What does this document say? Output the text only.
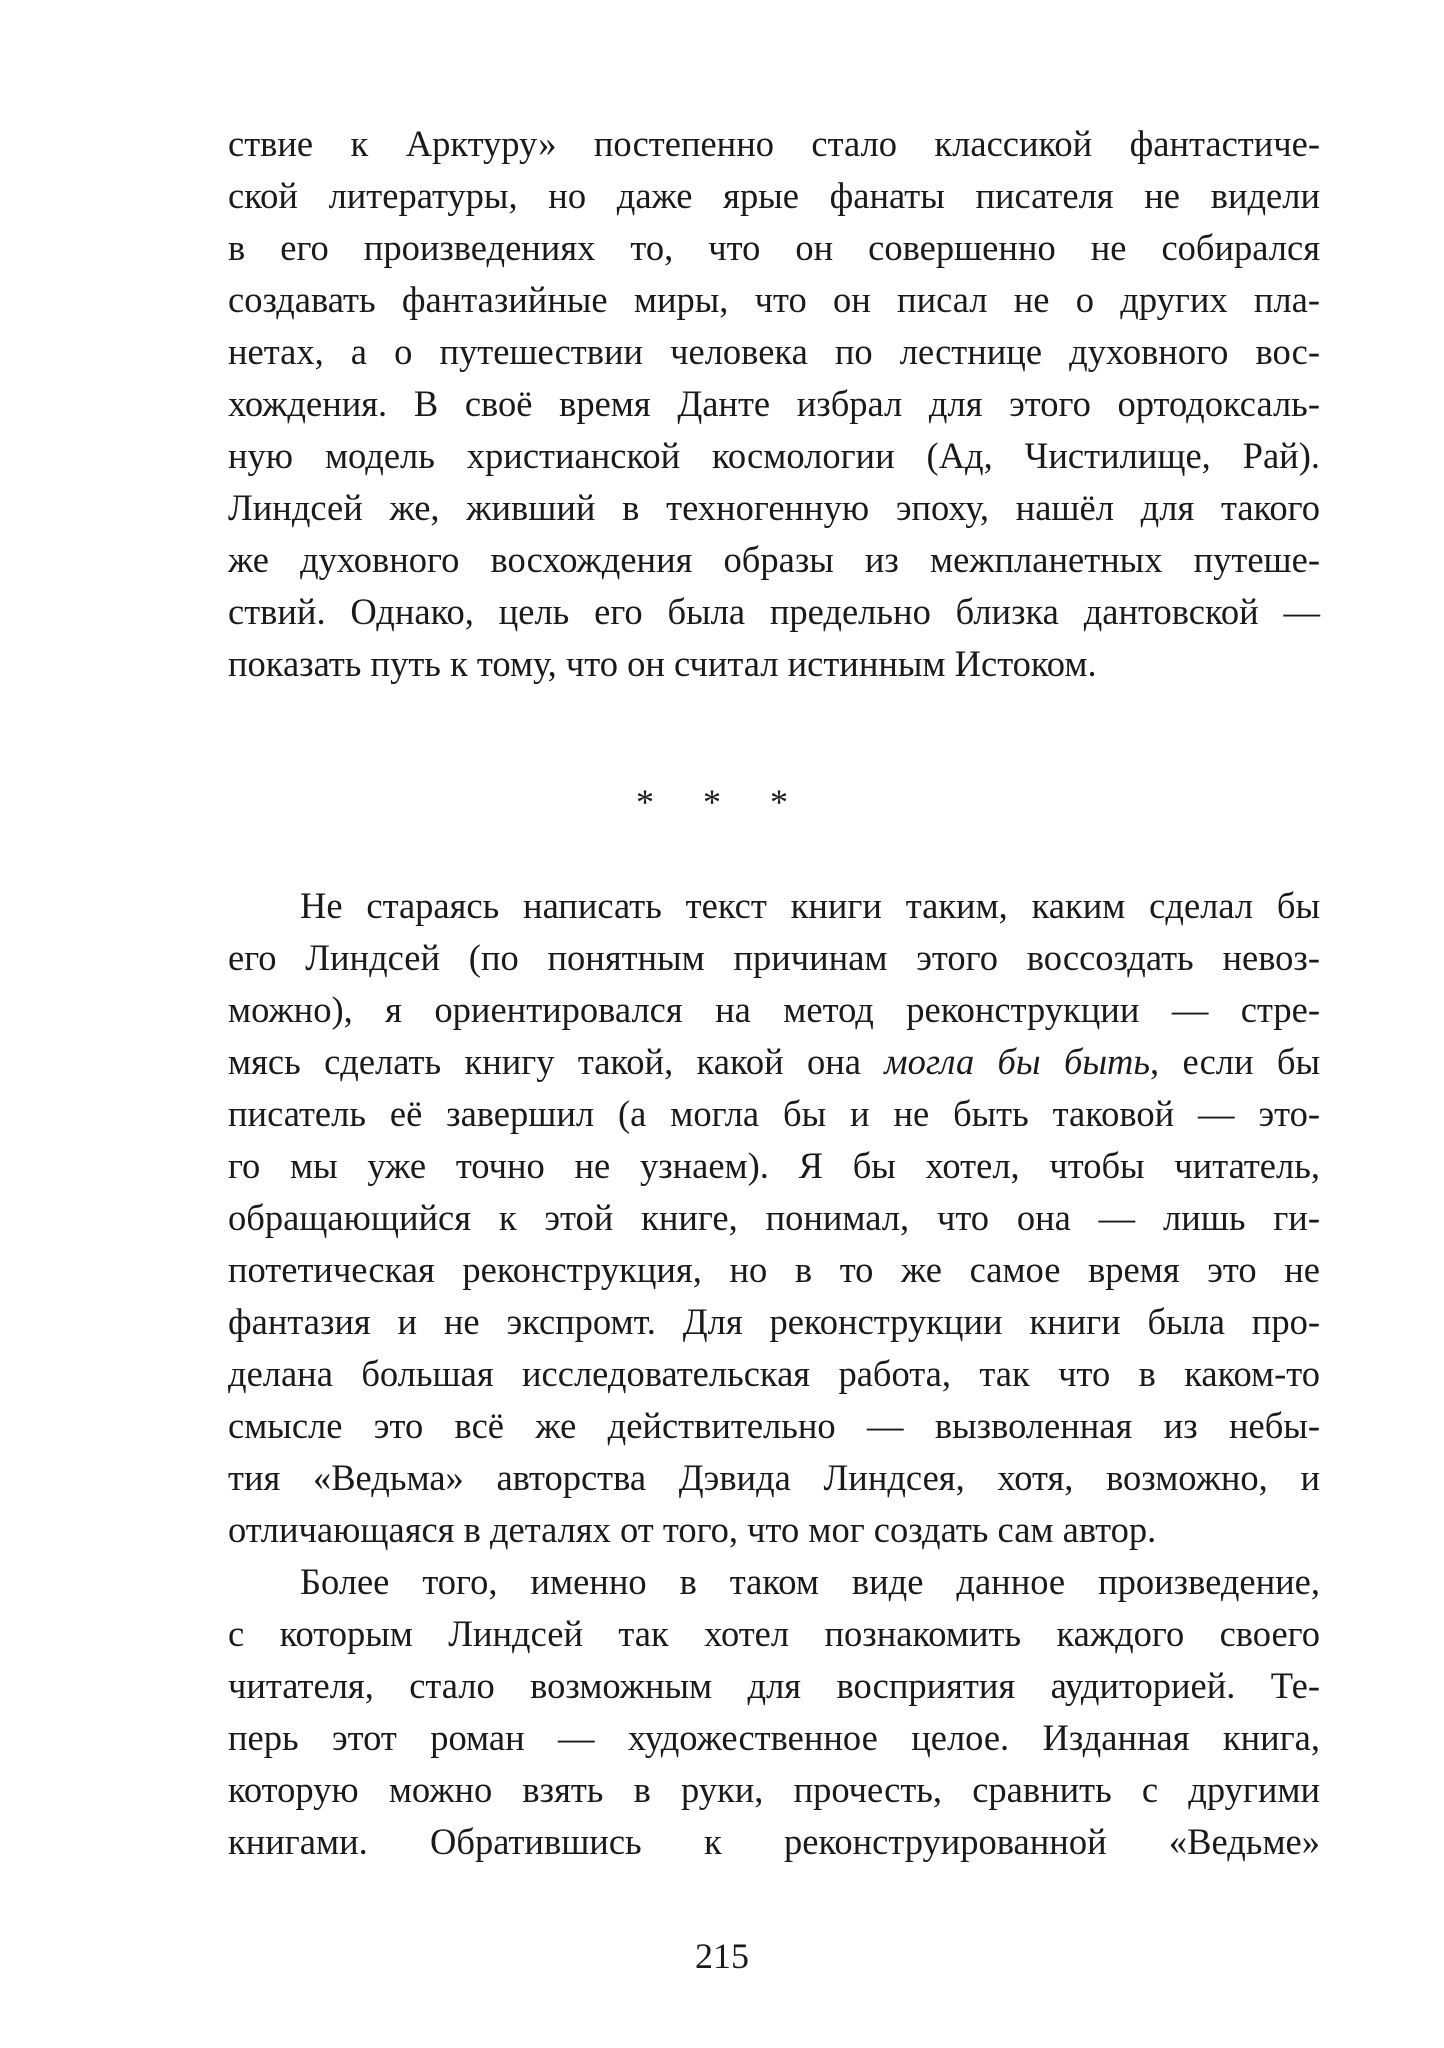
ствие к Арктуру» постепенно стало классикой фантастиче-
ской литературы, но даже ярые фанаты писателя не видели
в его произведениях то, что он совершенно не собирался
создавать фантазийные миры, что он писал не о других пла-
нетах, а о путешествии человека по лестнице духовного вос-
хождения. В своё время Данте избрал для этого ортодоксаль-
ную модель христианской космологии (Ад, Чистилище, Рай).
Линдсей же, живший в техногенную эпоху, нашёл для такого
же духовного восхождения образы из межпланетных путеше-
ствий. Однако, цель его была предельно близка дантовской —
показать путь к тому, что он считал истинным Истоком.
* * *
Не стараясь написать текст книги таким, каким сделал бы
его Линдсей (по понятным причинам этого воссоздать невоз-
можно), я ориентировался на метод реконструкции — стре-
мясь сделать книгу такой, какой она могла бы быть, если бы
писатель её завершил (а могла бы и не быть таковой — это-
го мы уже точно не узнаем). Я бы хотел, чтобы читатель,
обращающийся к этой книге, понимал, что она — лишь ги-
потетическая реконструкция, но в то же самое время это не
фантазия и не экспромт. Для реконструкции книги была про-
делана большая исследовательская работа, так что в каком-то
смысле это всё же действительно — вызволенная из небы-
тия «Ведьма» авторства Дэвида Линдсея, хотя, возможно, и
отличающаяся в деталях от того, что мог создать сам автор.
Более того, именно в таком виде данное произведение,
с которым Линдсей так хотел познакомить каждого своего
читателя, стало возможным для восприятия аудиторией. Те-
перь этот роман — художественное целое. Изданная книга,
которую можно взять в руки, прочесть, сравнить с другими
книгами. Обратившись к реконструированной «Ведьме»
215
